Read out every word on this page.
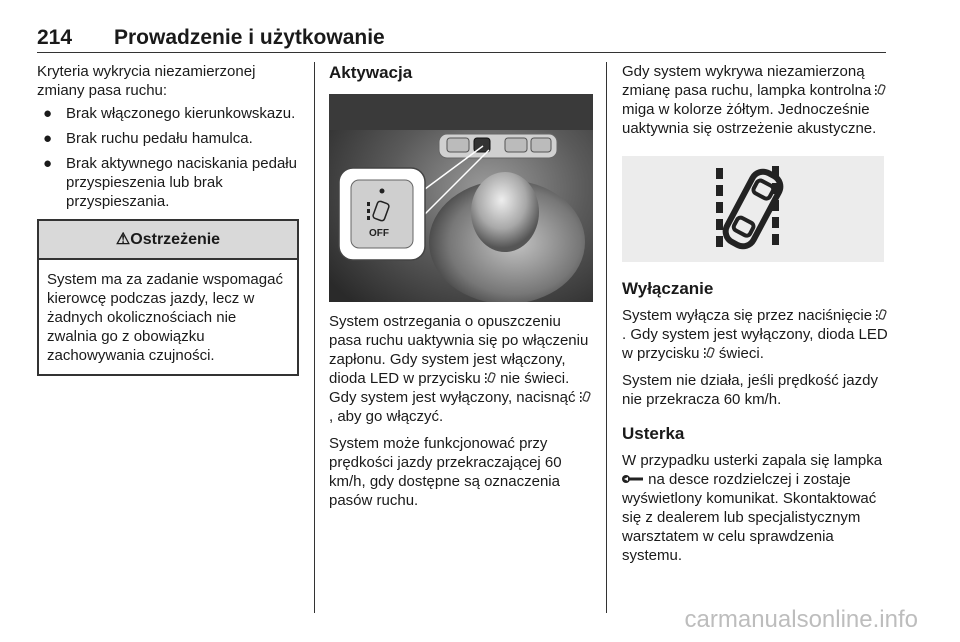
214 Prowadzenie i użytkowanie

Kryteria wykrycia niezamierzonej zmiany pasa ruchu:

● Brak włączonego kierunkowskazu.
● Brak ruchu pedału hamulca.
● Brak aktywnego naciskania pedału przyspieszenia lub brak przyspieszania.
⚠Ostrzeżenie

System ma za zadanie wspomagać kierowcę podczas jazdy, lecz w żadnych okolicznościach nie zwalnia go z obowiązku zachowywania czujności.

Aktywacja
OFF

System ostrzegania o opuszczeniu pasa ruchu uaktywnia się po włączeniu zapłonu. Gdy system jest włączony, dioda LED w przycisku nie świeci. Gdy system jest wyłączony, nacisnąć , aby go włączyć.

System może funkcjonować przy prędkości jazdy przekraczającej 60 km/h, gdy dostępne są oznaczenia pasów ruchu.

Gdy system wykrywa niezamierzoną zmianę pasa ruchu, lampka kontrolna  miga w kolorze żółtym. Jednocześnie uaktywnia się ostrzeżenie akustyczne.

Wyłączanie

System wyłącza się przez naciśnięcie . Gdy system jest wyłączony, dioda LED w przycisku świeci.

System nie działa, jeśli prędkość jazdy nie przekracza 60 km/h.

Usterka

W przypadku usterki zapala się lampka  na desce rozdzielczej i zostaje wyświetlony komunikat. Skontaktować się z dealerem lub specjalistycznym warsztatem w celu sprawdzenia systemu.

carmanualsonline.info
